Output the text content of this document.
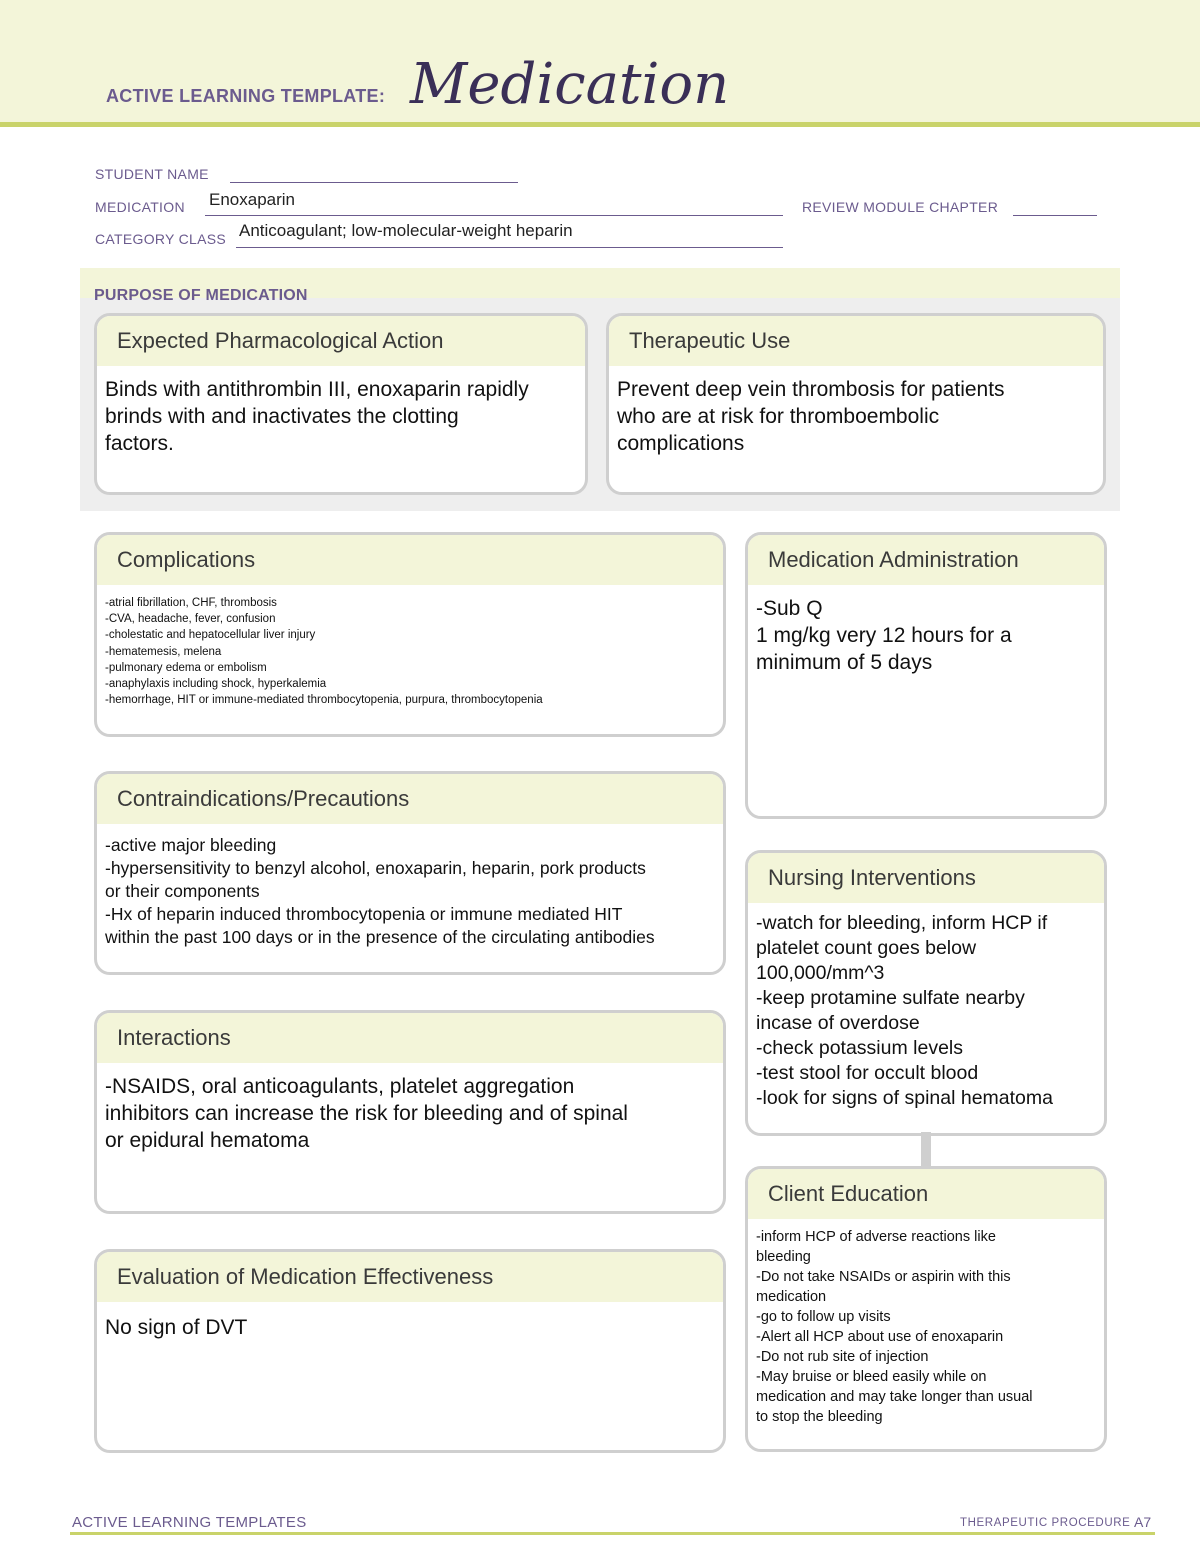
ACTIVE LEARNING TEMPLATE: Medication
STUDENT NAME
MEDICATION Enoxaparin	REVIEW MODULE CHAPTER
CATEGORY CLASS Anticoagulant; low-molecular-weight heparin
PURPOSE OF MEDICATION
Expected Pharmacological Action
Binds with antithrombin III, enoxaparin rapidly
brinds with and inactivates the clotting
factors.
Therapeutic Use
Prevent deep vein thrombosis for patients
who are at risk for thromboembolic
complications
Complications
-atrial fibrillation, CHF, thrombosis
-CVA, headache, fever, confusion
-cholestatic and hepatocellular liver injury
-hematemesis, melena
-pulmonary edema or embolism
-anaphylaxis including shock, hyperkalemia
-hemorrhage, HIT or immune-mediated thrombocytopenia, purpura, thrombocytopenia
Medication Administration
-Sub Q
1 mg/kg very 12 hours for a
minimum of 5 days
Contraindications/Precautions
-active major bleeding
-hypersensitivity to benzyl alcohol, enoxaparin, heparin, pork products
or their components
-Hx of heparin induced thrombocytopenia or immune mediated HIT
within the past 100 days or in the presence of the circulating antibodies
Nursing Interventions
-watch for bleeding, inform HCP if
platelet count goes below
100,000/mm^3
-keep protamine sulfate nearby
incase of overdose
-check potassium levels
-test stool for occult blood
-look for signs of spinal hematoma
Interactions
-NSAIDS, oral anticoagulants, platelet aggregation
inhibitors can increase the risk for bleeding and of spinal
or epidural hematoma
Client Education
-inform HCP of adverse reactions like
bleeding
-Do not take NSAIDs or aspirin with this
medication
-go to follow up visits
-Alert all HCP about use of enoxaparin
-Do not rub site of injection
-May bruise or bleed easily while on
medication and may take longer than usual
to stop the bleeding
Evaluation of Medication Effectiveness
No sign of DVT
ACTIVE LEARNING TEMPLATES	THERAPEUTIC PROCEDURE A7
